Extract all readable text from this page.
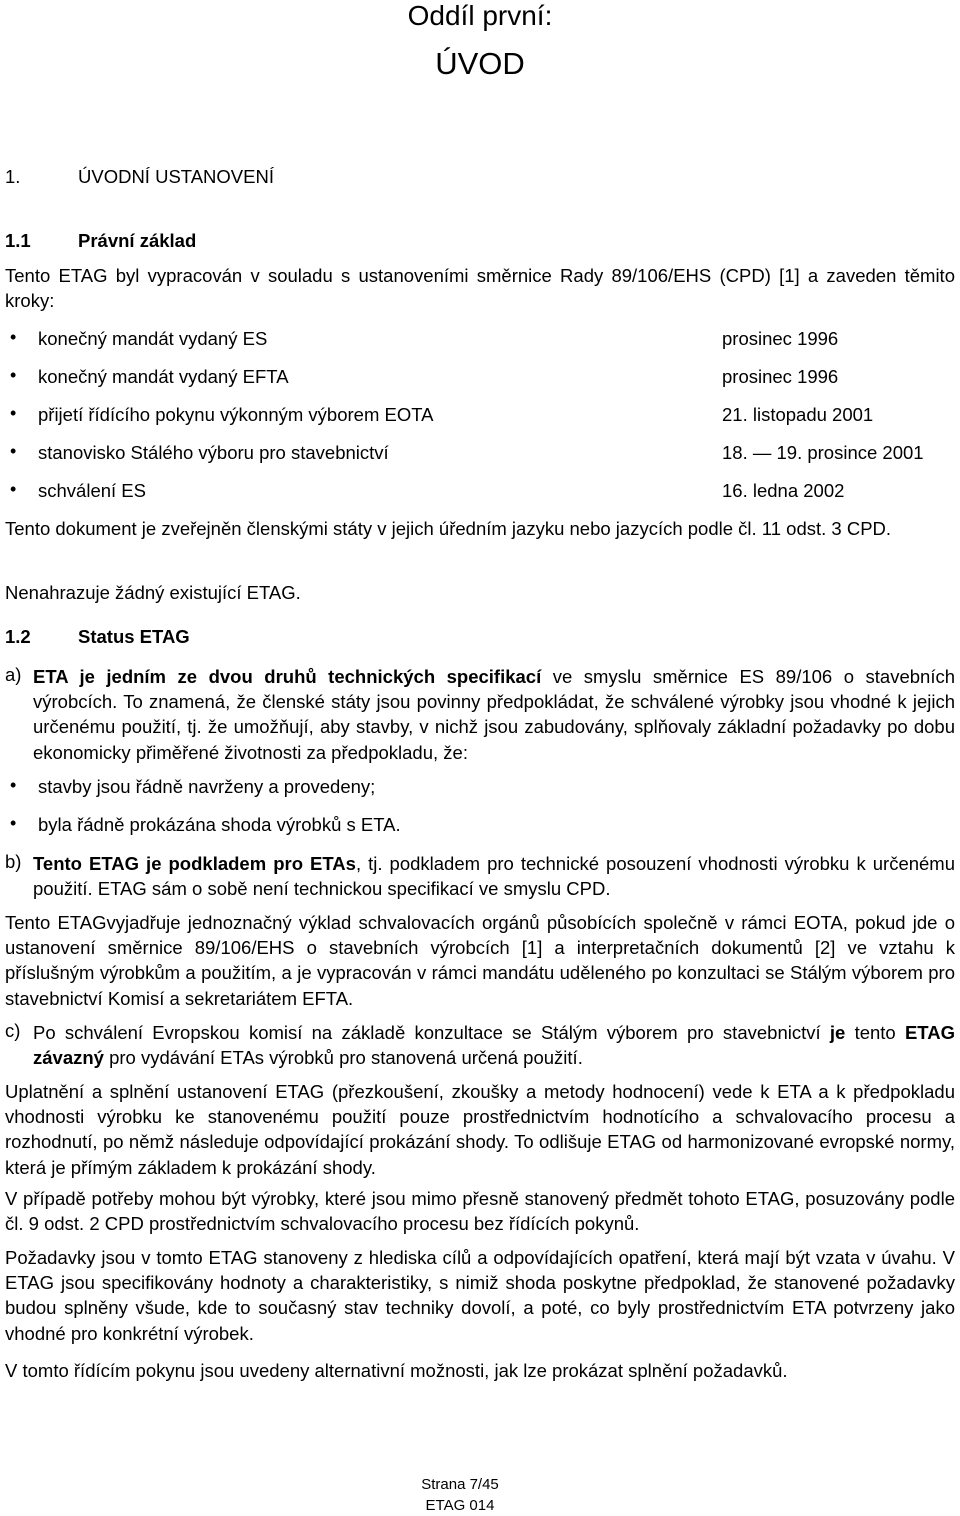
Oddíl první:
ÚVOD
1.	ÚVODNÍ USTANOVENÍ
1.1	Právní základ
Tento ETAG byl vypracován v souladu s ustanoveními směrnice Rady 89/106/EHS (CPD) [1] a zaveden těmito kroky:
• konečný mandát vydaný ES	prosinec 1996
• konečný mandát vydaný EFTA	prosinec 1996
• přijetí řídícího pokynu výkonným výborem EOTA	21. listopadu 2001
• stanovisko Stálého výboru pro stavebnictví	18. — 19. prosince 2001
• schválení ES	16. ledna 2002
Tento dokument je zveřejněn členskými státy v jejich úředním jazyku nebo jazycích podle čl. 11 odst. 3 CPD.
Nenahrazuje žádný existující ETAG.
1.2	Status ETAG
a) ETA je jedním ze dvou druhů technických specifikací ve smyslu směrnice ES 89/106 o stavebních výrobcích. To znamená, že členské státy jsou povinny předpokládat, že schválené výrobky jsou vhodné k jejich určenému použití, tj. že umožňují, aby stavby, v nichž jsou zabudovány, splňovaly základní požadavky po dobu ekonomicky přiměřené životnosti za předpokladu, že:
• stavby jsou řádně navrženy a provedeny;
• byla řádně prokázána shoda výrobků s ETA.
b) Tento ETAG je podkladem pro ETAs, tj. podkladem pro technické posouzení vhodnosti výrobku k určenému použití. ETAG sám o sobě není technickou specifikací ve smyslu CPD.
Tento ETAGvyjadřuje jednoznačný výklad schvalovacích orgánů působících společně v rámci EOTA, pokud jde o ustanovení směrnice 89/106/EHS o stavebních výrobcích [1] a interpretačních dokumentů [2] ve vztahu k příslušným výrobkům a použitím, a je vypracován v rámci mandátu uděleného po konzultaci se Stálým výborem pro stavebnictví Komisí a sekretariátem EFTA.
c) Po schválení Evropskou komisí na základě konzultace se Stálým výborem pro stavebnictví je tento ETAG závazný pro vydávání ETAs výrobků pro stanovená určená použití.
Uplatnění a splnění ustanovení ETAG (přezkoušení, zkoušky a metody hodnocení) vede k ETA a k předpokladu vhodnosti výrobku ke stanovenému použití pouze prostřednictvím hodnotícího a schvalovacího procesu a rozhodnutí, po němž následuje odpovídající prokázání shody. To odlišuje ETAG od harmonizované evropské normy, která je přímým základem k prokázání shody.
V případě potřeby mohou být výrobky, které jsou mimo přesně stanovený předmět tohoto ETAG, posuzovány podle čl. 9 odst. 2 CPD prostřednictvím schvalovacího procesu bez řídících pokynů.
Požadavky jsou v tomto ETAG stanoveny z hlediska cílů a odpovídajících opatření, která mají být vzata v úvahu. V ETAG jsou specifikovány hodnoty a charakteristiky, s nimiž shoda poskytne předpoklad, že stanovené požadavky budou splněny všude, kde to současný stav techniky dovolí, a poté, co byly prostřednictvím ETA potvrzeny jako vhodné pro konkrétní výrobek.
V tomto řídícím pokynu jsou uvedeny alternativní možnosti, jak lze prokázat splnění požadavků.
Strana 7/45
ETAG 014
